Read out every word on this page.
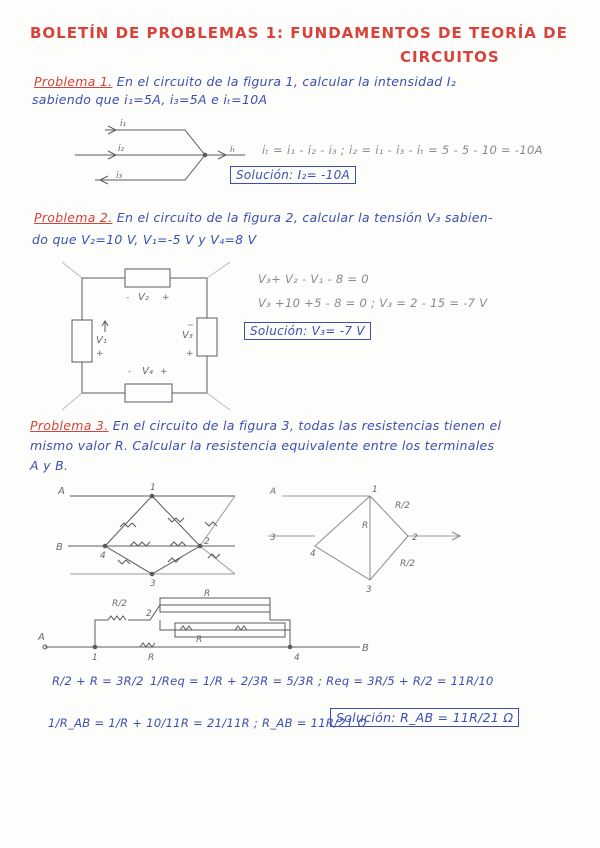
BOLETÍN DE PROBLEMAS 1: FUNDAMENTOS DE TEORÍA DE
CIRCUITOS
Problema 1. En el circuito de la figura 1, calcular la intensidad I₂
sabiendo que i₁=5A, i₃=5A e iₜ=10A
iₜ = i₁ - i₂ - i₃ ; i₂ = i₁ - i₃ - iₜ = 5 - 5 - 10 = -10A
Solución: I₂= -10A
Problema 2. En el circuito de la figura 2, calcular la tensión V₃ sabien-
do que V₂=10 V, V₁=-5 V y V₄=8 V
V₃+ V₂ - V₁ - 8 = 0
V₃ +10 +5 - 8 = 0 ; V₃ = 2 - 15 = -7 V
Solución: V₃= -7 V
Problema 3. En el circuito de la figura 3, todas las resistencias tienen el
mismo valor R. Calcular la resistencia equivalente entre los terminales
A y B.
R/2 + R = 3R/2 1/Req = 1/R + 2/3R = 5/3R ; Req = 3R/5 + R/2 = 11R/10
1/R_AB = 1/R + 10/11R = 21/11R ; R_AB = 11R/21 Ω
Solución: R_AB = 11R/21 Ω
i₁
i₂
i₃
iₜ
V₂
-	+
V₁
+
V₃
+
V₄
-	+
A
B
1
2
3
4
A
3
1
2
4
3
R/2
R/2
R
R/2
2
R
R
R
1	4
A
B
